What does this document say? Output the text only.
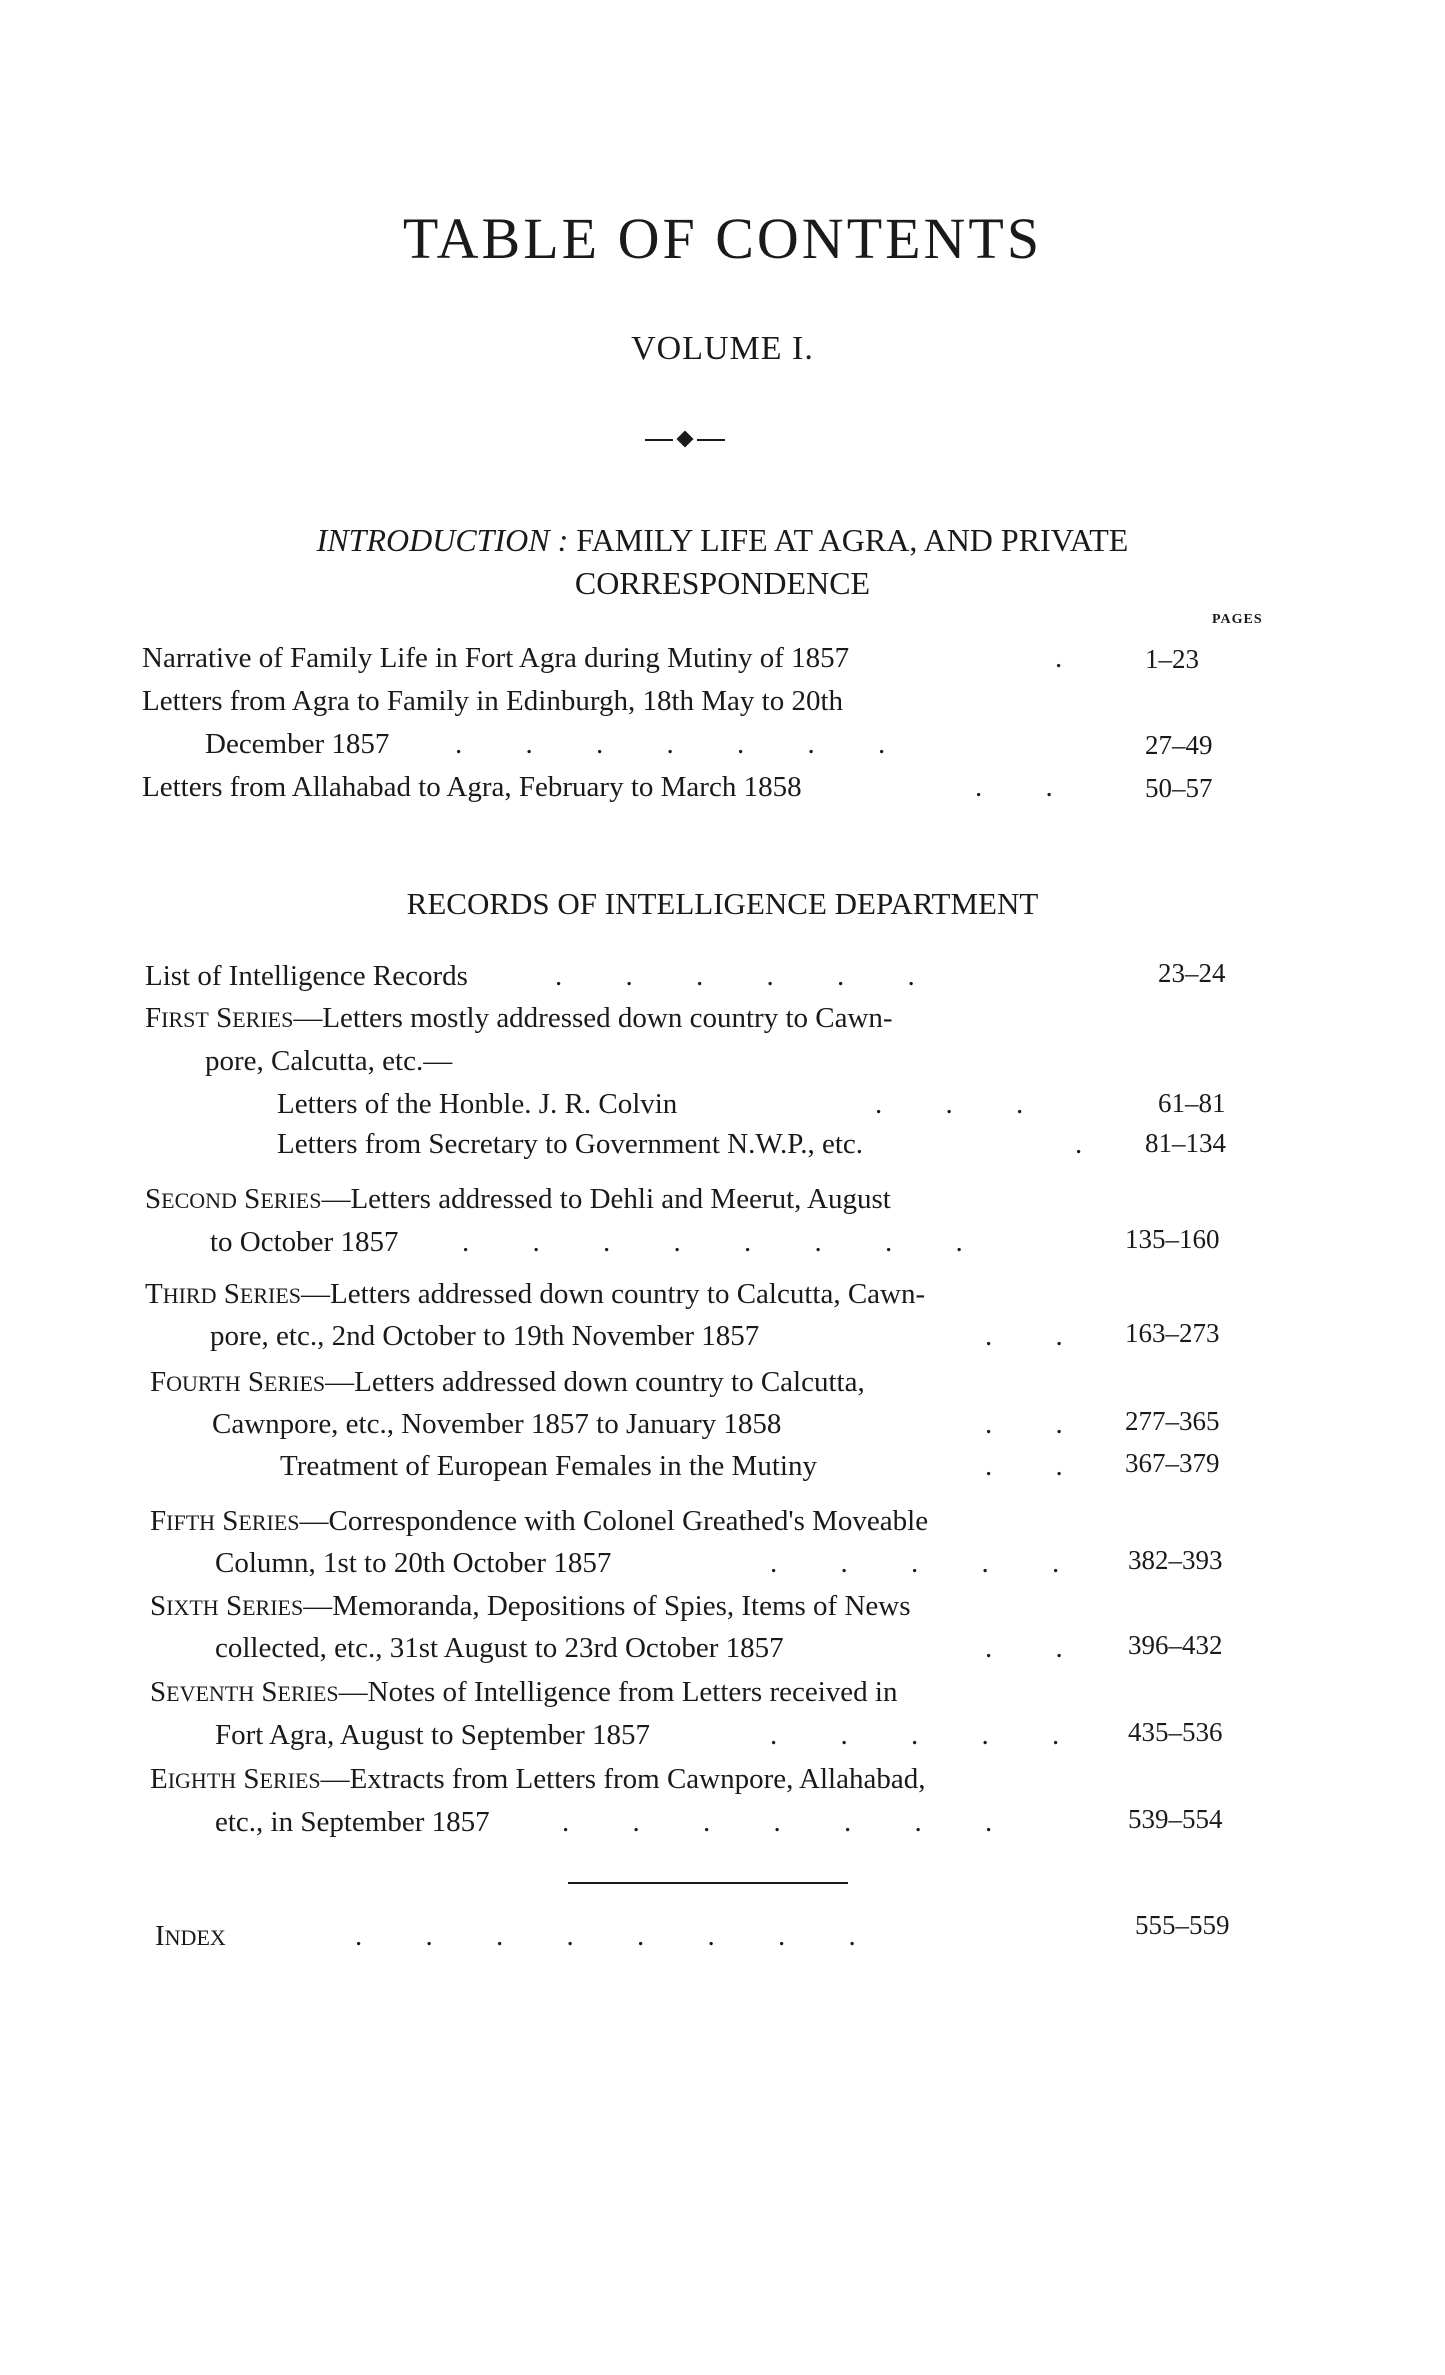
TABLE OF CONTENTS
VOLUME I.
INTRODUCTION : FAMILY LIFE AT AGRA, AND PRIVATE
CORRESPONDENCE
PAGES
Narrative of Family Life in Fort Agra during Mutiny of 1857	. 1–23
Letters from Agra to Family in Edinburgh, 18th May to 20th
December 1857 . . . . . . .	27–49
Letters from Allahabad to Agra, February to March 1858	. . 50–57
RECORDS OF INTELLIGENCE DEPARTMENT
List of Intelligence Records	. . . . . .	23–24
FIRST SERIES—Letters mostly addressed down country to Cawn-
pore, Calcutta, etc.—
Letters of the Honble. J. R. Colvin	. . .	61–81
Letters from Secretary to Government N.W.P., etc.	. 81–134
SECOND SERIES—Letters addressed to Dehli and Meerut, August
to October 1857 . . . . . . . .	135–160
THIRD SERIES—Letters addressed down country to Calcutta, Cawn-
pore, etc., 2nd October to 19th November 1857	. . 163–273
FOURTH SERIES—Letters addressed down country to Calcutta,
Cawnpore, etc., November 1857 to January 1858	. . 277–365
Treatment of European Females in the Mutiny	. . 367–379
FIFTH SERIES—Correspondence with Colonel Greathed's Moveable
Column, 1st to 20th October 1857	. . . . . 382–393
SIXTH SERIES—Memoranda, Depositions of Spies, Items of News
collected, etc., 31st August to 23rd October 1857	. . 396–432
SEVENTH SERIES—Notes of Intelligence from Letters received in
Fort Agra, August to September 1857	. . . . . 435–536
EIGHTH SERIES—Extracts from Letters from Cawnpore, Allahabad,
etc., in September 1857 . . . . . . .	539–554
INDEX	. . . . . . . .	555–559
